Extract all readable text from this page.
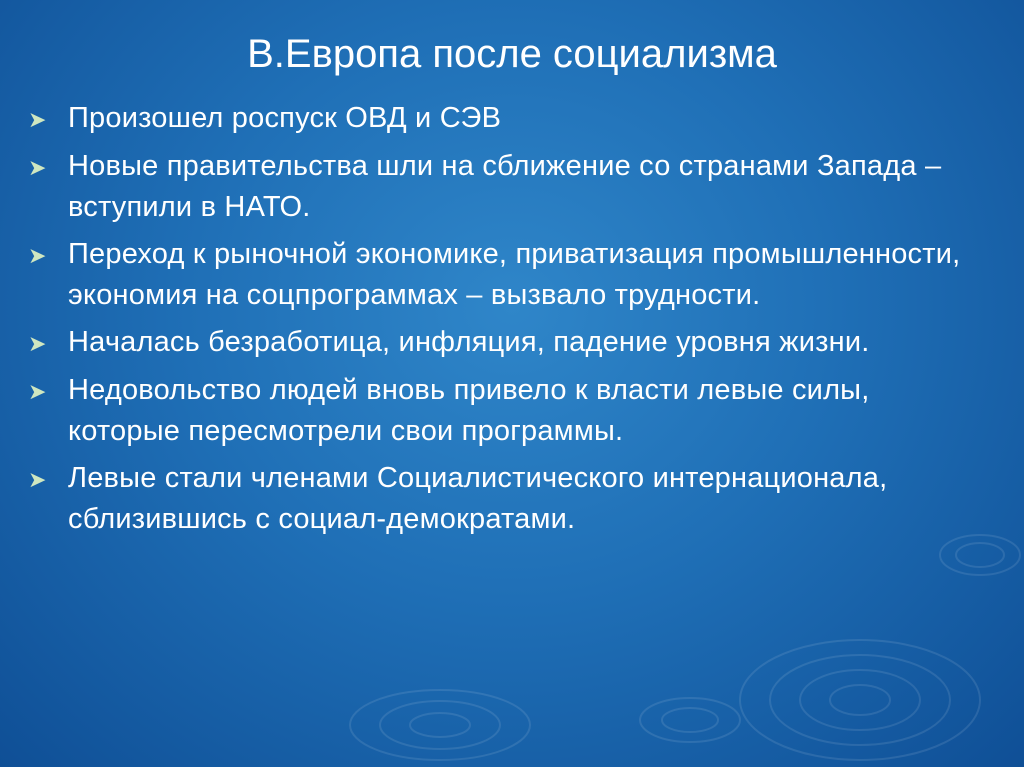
В.Европа после социализма
➤ Произошел роспуск ОВД и СЭВ
➤ Новые правительства шли на сближение со странами Запада – вступили в НАТО.
➤ Переход к рыночной экономике, приватизация промышленности, экономия на соцпрограммах – вызвало трудности.
➤ Началась безработица, инфляция, падение уровня жизни.
➤ Недовольство людей вновь привело к власти левые силы, которые пересмотрели свои программы.
➤ Левые стали членами Социалистического интернационала, сблизившись с социал-демократами.
